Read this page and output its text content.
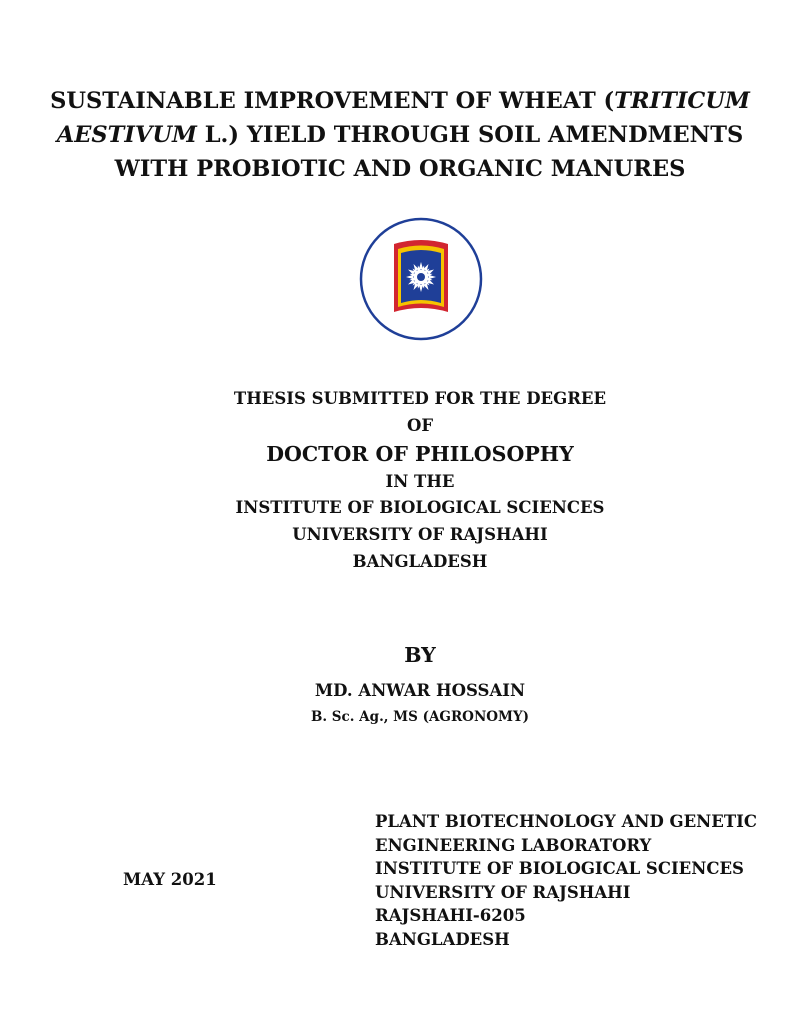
SUSTAINABLE IMPROVEMENT OF WHEAT (TRITICUM
AESTIVUM L.) YIELD THROUGH SOIL AMENDMENTS
WITH PROBIOTIC AND ORGANIC MANURES
THESIS SUBMITTED FOR THE DEGREE
OF
DOCTOR OF PHILOSOPHY
IN THE
INSTITUTE OF BIOLOGICAL SCIENCES
UNIVERSITY OF RAJSHAHI
BANGLADESH
BY
MD. ANWAR HOSSAIN
B. Sc. Ag., MS (AGRONOMY)
MAY 2021
PLANT BIOTECHNOLOGY AND GENETIC
ENGINEERING LABORATORY
INSTITUTE OF BIOLOGICAL SCIENCES
UNIVERSITY OF RAJSHAHI
RAJSHAHI-6205
BANGLADESH
